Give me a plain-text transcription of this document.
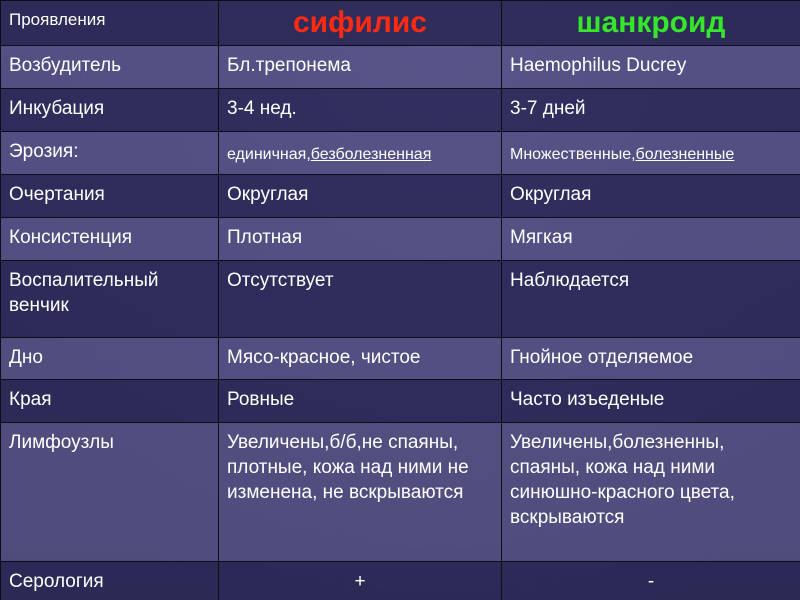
Проявления	сифилис	шанкроид
Возбудитель	Бл.трепонема	Haemophilus Ducrey
Инкубация	3-4 нед.	3-7 дней
Эрозия:	единичная,безболезненная	Множественные,болезненные
Очертания	Округлая	Округлая
Консистенция	Плотная	Мягкая
Воспалительный венчик	Отсутствует	Наблюдается
Дно	Мясо-красное, чистое	Гнойное отделяемое
Края	Ровные	Часто изъеденые
Лимфоузлы	Увеличены,б/б,не спаяны, плотные, кожа над ними не изменена, не вскрываются	Увеличены,болезненны, спаяны, кожа над ними синюшно-красного цвета, вскрываются
Серология	+	-
